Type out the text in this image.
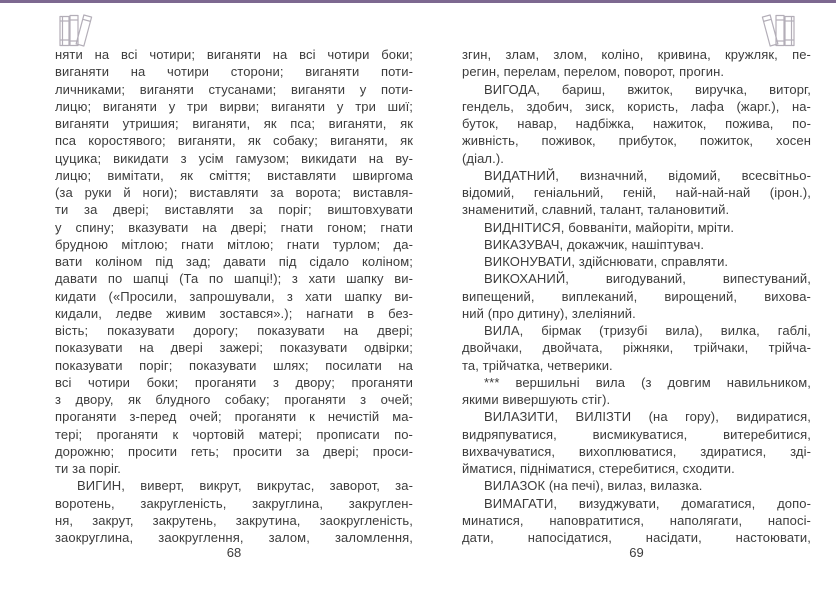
няти на всі чотири; виганяти на всі чотири боки;
виганяти на чотири сторони; виганяти поти-
личниками; виганяти стусанами; виганяти у поти-
лицю; виганяти у три вирви; виганяти у три шиї;
виганяти утришия; виганяти, як пса; виганяти, як
пса коростявого; виганяти, як собаку; виганяти, як
цуцика; викидати з усім гамузом; викидати на ву-
лицю; вимітати, як сміття; виставляти швиргома
(за руки й ноги); виставляти за ворота; виставля-
ти за двері; виставляти за поріг; виштовхувати
у спину; вказувати на двері; гнати гоном; гнати
брудною мітлою; гнати мітлою; гнати турлом; да-
вати коліном під зад; давати під сідало коліном;
давати по шапці (Та по шапці!); з хати шапку ви-
кидати («Просили, запрошували, з хати шапку ви-
кидали, ледве живим зостався».); нагнати в без-
вість; показувати дорогу; показувати на двері;
показувати на двері зажері; показувати одвірки;
показувати поріг; показувати шлях; посилати на
всі чотири боки; проганяти з двору; проганяти
з двору, як блудного собаку; проганяти з очей;
проганяти з-перед очей; проганяти к нечистій ма-
тері; проганяти к чортовій матері; прописати по-
дорожню; просити геть; просити за двері; проси-
ти за поріг.
ВИГИН, виверт, викрут, викрутас, заворот, за-
воротень, закругленість, закруглина, закруглен-
ня, закрут, закрутень, закрутина, заокругленість,
заокруглина, заокруглення, залом, заломлення,
згин, злам, злом, коліно, кривина, кружляк, пе-
регин, перелам, перелом, поворот, прогин.
ВИГОДА, бариш, вжиток, виручка, виторг,
гендель, здобич, зиск, користь, лафа (жарг.), на-
буток, навар, надбіжка, нажиток, пожива, по-
живність, поживок, прибуток, пожиток, хосен
(діал.).
ВИДАТНИЙ, визначний, відомий, всесвітньо-
відомий, геніальний, геній, най-най-най (ірон.),
знаменитий, славний, талант, талановитий.
ВИДНІТИСЯ, бовваніти, майоріти, мріти.
ВИКАЗУВАЧ, докажчик, нашіптувач.
ВИКОНУВАТИ, здійснювати, справляти.
ВИКОХАНИЙ, вигодуваний, випестуваний,
випещений, виплеканий, вирощений, вихова-
ний (про дитину), злеліяний.
ВИЛА, бірмак (тризубі вила), вилка, габлі,
двойчаки, двойчата, ріжняки, трійчаки, трійча-
та, трійчатка, четверики.
*** вершильні вила (з довгим навильником,
якими вивершують стіг).
ВИЛАЗИТИ, ВИЛІЗТИ (на гору), видиратися,
видряпуватися, висмикуватися, витеребитися,
вихвачуватися, вихоплюватися, здиратися, зді-
йматися, підніматися, стеребитися, сходити.
ВИЛАЗОК (на печі), вилаз, вилазка.
ВИМАГАТИ, визуджувати, домагатися, допо-
минатися, наповратитися, наполягати, напосі-
дати, напосідатися, насідати, настоювати,
68	69
